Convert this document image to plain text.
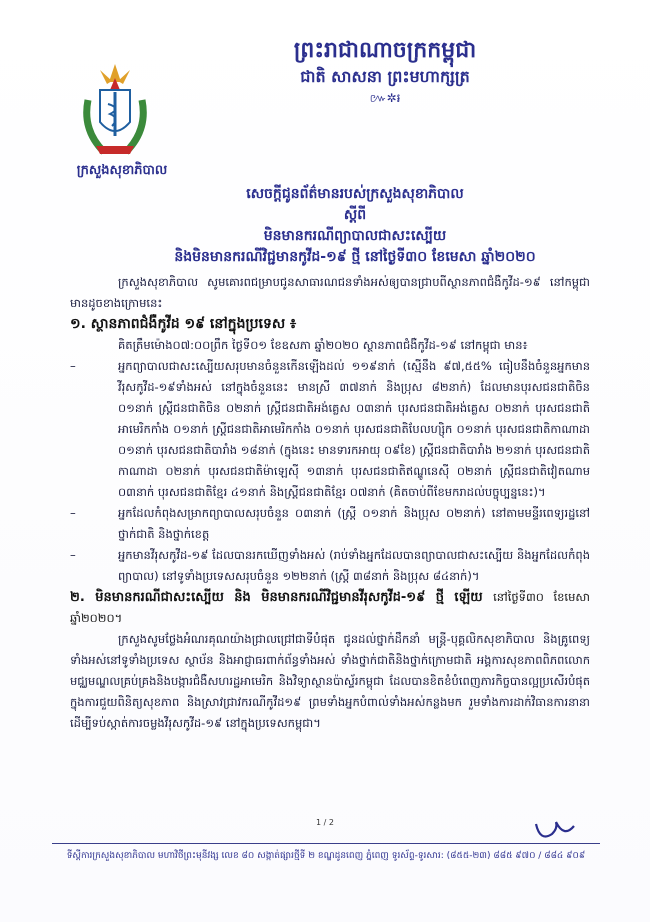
ព្រះរាជាណាចក្រកម្ពុជា
ជាតិ សាសនា ព្រះមហាក្សត្រ
៚✲៛
ក្រសួងសុខាភិបាល
សេចក្តីជូនព័ត៌មានរបស់ក្រសួងសុខាភិបាល
ស្តីពី
មិនមានករណីព្យាបាលជាសះស្បើយ
និងមិនមានករណីវិជ្ជមានកូវីដ-១៩ ថ្មី នៅថ្ងៃទី៣០ ខែមេសា ឆ្នាំ២០២០

ក្រសួងសុខាភិបាល សូមគោរពជម្រាបជូនសាធារណជនទាំងអស់ឲ្យបានជ្រាបពីស្ថានភាពជំងឺកូវីដ-១៩ នៅកម្ពុជា មានដូចខាងក្រោមនេះ

១. ស្ថានភាពជំងឺកូវីដ ១៩ នៅក្នុងប្រទេស ៖

គិតត្រឹមម៉ោង០៧:០០ព្រឹក ថ្ងៃទី០១ ខែឧសភា ឆ្នាំ២០២០ ស្ថានភាពជំងឺកូវីដ-១៩ នៅកម្ពុជា មាន៖

–	អ្នកព្យាបាលជាសះស្បើយសរុបមានចំនួនកើនឡើងដល់ ១១៩នាក់ (ស្មើនឹង ៩៧,៥៥% ធៀបនឹងចំនួនអ្នកមានវីរុសកូវីដ-១៩ទាំងអស់ នៅក្នុងចំនួននេះ មានស្រី ៣៧នាក់ និងប្រុស ៨២នាក់) ដែលមានបុរសជនជាតិចិន ០១នាក់ ស្ត្រីជនជាតិចិន ០២នាក់ ស្ត្រីជនជាតិអង់គ្លេស ០៣នាក់ បុរសជនជាតិអង់គ្លេស ០២នាក់ បុរសជនជាតិអាមេរិកកាំង ០១នាក់ ស្ត្រីជនជាតិអាមេរិកកាំង ០១នាក់ បុរសជនជាតិបែលហ្ស៊ិក ០១នាក់ បុរសជនជាតិកាណាដា ០១នាក់ បុរសជនជាតិបារាំង ១៨នាក់ (ក្នុងនេះ មានទារកអាយុ ០៩ខែ) ស្ត្រីជនជាតិបារាំង ២១នាក់ បុរសជនជាតិកាណាដា ០២នាក់ បុរសជនជាតិម៉ាឡេស៊ី ១៣នាក់ បុរសជនជាតិឥណ្ឌូនេស៊ី ០២នាក់ ស្ត្រីជនជាតិវៀតណាម ០៣នាក់ បុរសជនជាតិខ្មែរ ៤១នាក់ និងស្ត្រីជនជាតិខ្មែរ ០៧នាក់ (គិតចាប់ពីខែមករាដល់បច្ចុប្បន្ននេះ)។

–	អ្នកដែលកំពុងសម្រាកព្យាបាលសរុបចំនួន ០៣នាក់ (ស្ត្រី ០១នាក់ និងប្រុស ០២នាក់) នៅតាមមន្ទីរពេទ្យរដ្ឋនៅថ្នាក់ជាតិ និងថ្នាក់ខេត្ត

–	អ្នកមានវីរុសកូវីដ-១៩ ដែលបានរកឃើញទាំងអស់ (រាប់ទាំងអ្នកដែលបានព្យាបាលជាសះស្បើយ និងអ្នកដែលកំពុងព្យាបាល) នៅទូទាំងប្រទេសសរុបចំនួន ១២២នាក់ (ស្ត្រី ៣៨នាក់ និងប្រុស ៨៤នាក់)។

២. មិនមានករណីជាសះស្បើយ និង មិនមានករណីវិជ្ជមានវីរុសកូវីដ-១៩ ថ្មី ឡើយ នៅថ្ងៃទី៣០ ខែមេសា ឆ្នាំ២០២០។

ក្រសួងសូមថ្លែងអំណរគុណយ៉ាងជ្រាលជ្រៅជាទីបំផុត ជូនដល់ថ្នាក់ដឹកនាំ មន្ត្រី-បុគ្គលិកសុខាភិបាល និងគ្រូពេទ្យទាំងអស់នៅទូទាំងប្រទេស ស្ថាប័ន និងអាជ្ញាធរពាក់ព័ន្ធទាំងអស់ ទាំងថ្នាក់ជាតិនិងថ្នាក់ក្រោមជាតិ អង្គការសុខភាពពិភពលោក មជ្ឈមណ្ឌលគ្រប់គ្រងនិងបង្ការជំងឺសហរដ្ឋអាមេរិក និងវិទ្យាស្ថានប៉ាស្ទ័រកម្ពុជា ដែលបានខិតខំបំពេញភារកិច្ចបានល្អប្រសើរបំផុត ក្នុងការជួយពិនិត្យសុខភាព និងស្រាវជ្រាវករណីកូវីដ១៩ ព្រមទាំងអ្នកបំពាល់ទាំងអស់កន្លងមក រួមទាំងការដាក់វិធានការនានា ដើម្បីទប់ស្កាត់ការចម្លងវីរុសកូវីដ-១៩ នៅក្នុងប្រទេសកម្ពុជា។

1 / 2
ទីស្តីការក្រសួងសុខាភិបាល មហាវិថីព្រះមុនីវង្ស លេខ ៨០ សង្កាត់ផ្សារថ្មីទី ២ ខណ្ឌដូនពេញ ភ្នំពេញ ទូរស័ព្ទ-ទូរសារ: (៨៥៥-២៣) ៨៨៥ ៩៧០ / ៨៨៤ ៩០៩
